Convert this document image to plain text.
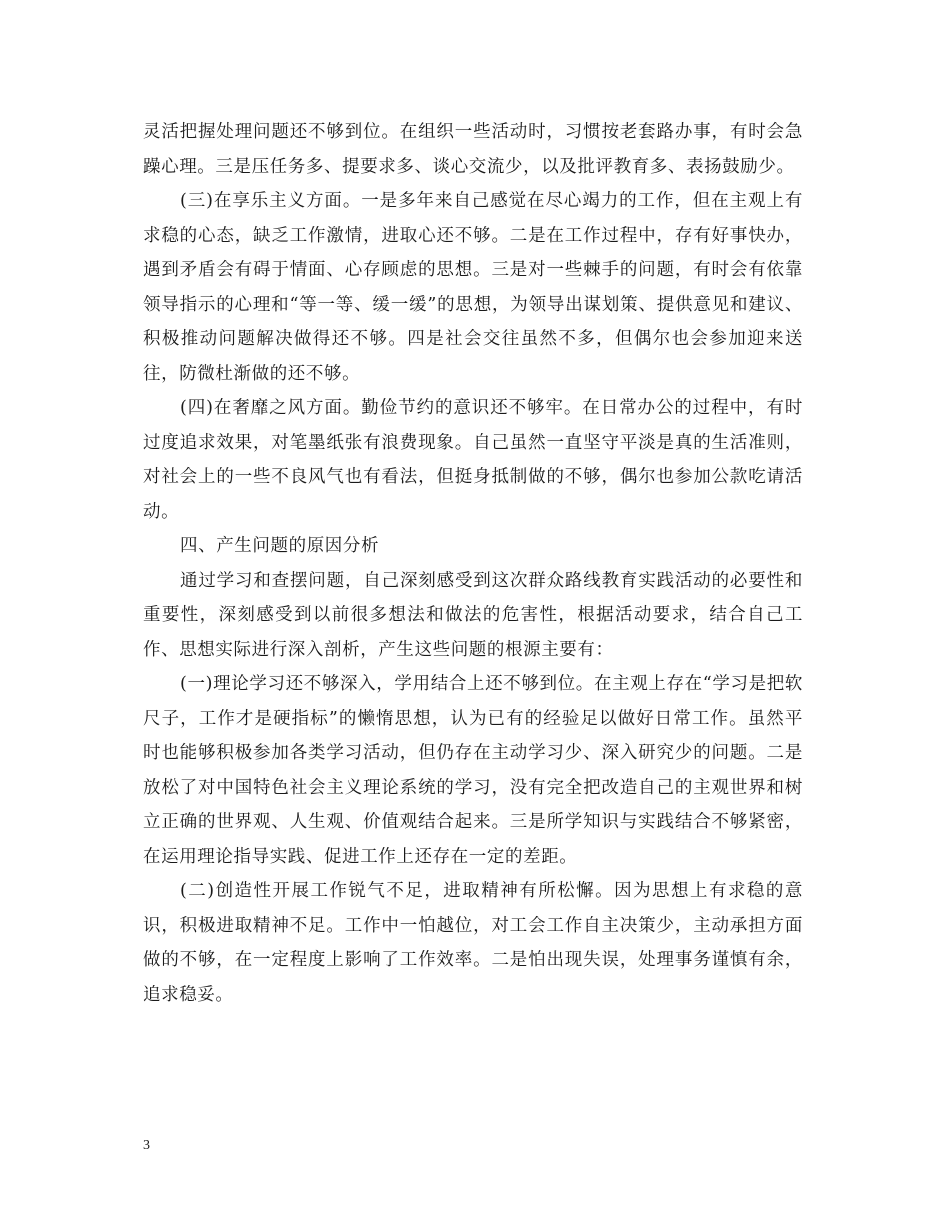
灵活把握处理问题还不够到位。在组织一些活动时，习惯按老套路办事，有时会急躁心理。三是压任务多、提要求多、谈心交流少，以及批评教育多、表扬鼓励少。

(三)在享乐主义方面。一是多年来自己感觉在尽心竭力的工作，但在主观上有求稳的心态，缺乏工作激情，进取心还不够。二是在工作过程中，存有好事快办，遇到矛盾会有碍于情面、心存顾虑的思想。三是对一些棘手的问题，有时会有依靠领导指示的心理和“等一等、缓一缓”的思想，为领导出谋划策、提供意见和建议、积极推动问题解决做得还不够。四是社会交往虽然不多，但偶尔也会参加迎来送往，防微杜渐做的还不够。

(四)在奢靡之风方面。勤俭节约的意识还不够牢。在日常办公的过程中，有时过度追求效果，对笔墨纸张有浪费现象。自己虽然一直坚守平淡是真的生活准则，对社会上的一些不良风气也有看法，但挺身抵制做的不够，偶尔也参加公款吃请活动。

四、产生问题的原因分析

通过学习和查摆问题，自己深刻感受到这次群众路线教育实践活动的必要性和重要性，深刻感受到以前很多想法和做法的危害性，根据活动要求，结合自己工作、思想实际进行深入剖析，产生这些问题的根源主要有：

(一)理论学习还不够深入，学用结合上还不够到位。在主观上存在“学习是把软尺子，工作才是硬指标”的懒惰思想，认为已有的经验足以做好日常工作。虽然平时也能够积极参加各类学习活动，但仍存在主动学习少、深入研究少的问题。二是放松了对中国特色社会主义理论系统的学习，没有完全把改造自己的主观世界和树立正确的世界观、人生观、价值观结合起来。三是所学知识与实践结合不够紧密，在运用理论指导实践、促进工作上还存在一定的差距。

(二)创造性开展工作锐气不足，进取精神有所松懈。因为思想上有求稳的意识，积极进取精神不足。工作中一怕越位，对工会工作自主决策少，主动承担方面做的不够，在一定程度上影响了工作效率。二是怕出现失误，处理事务谨慎有余，追求稳妥。

3
